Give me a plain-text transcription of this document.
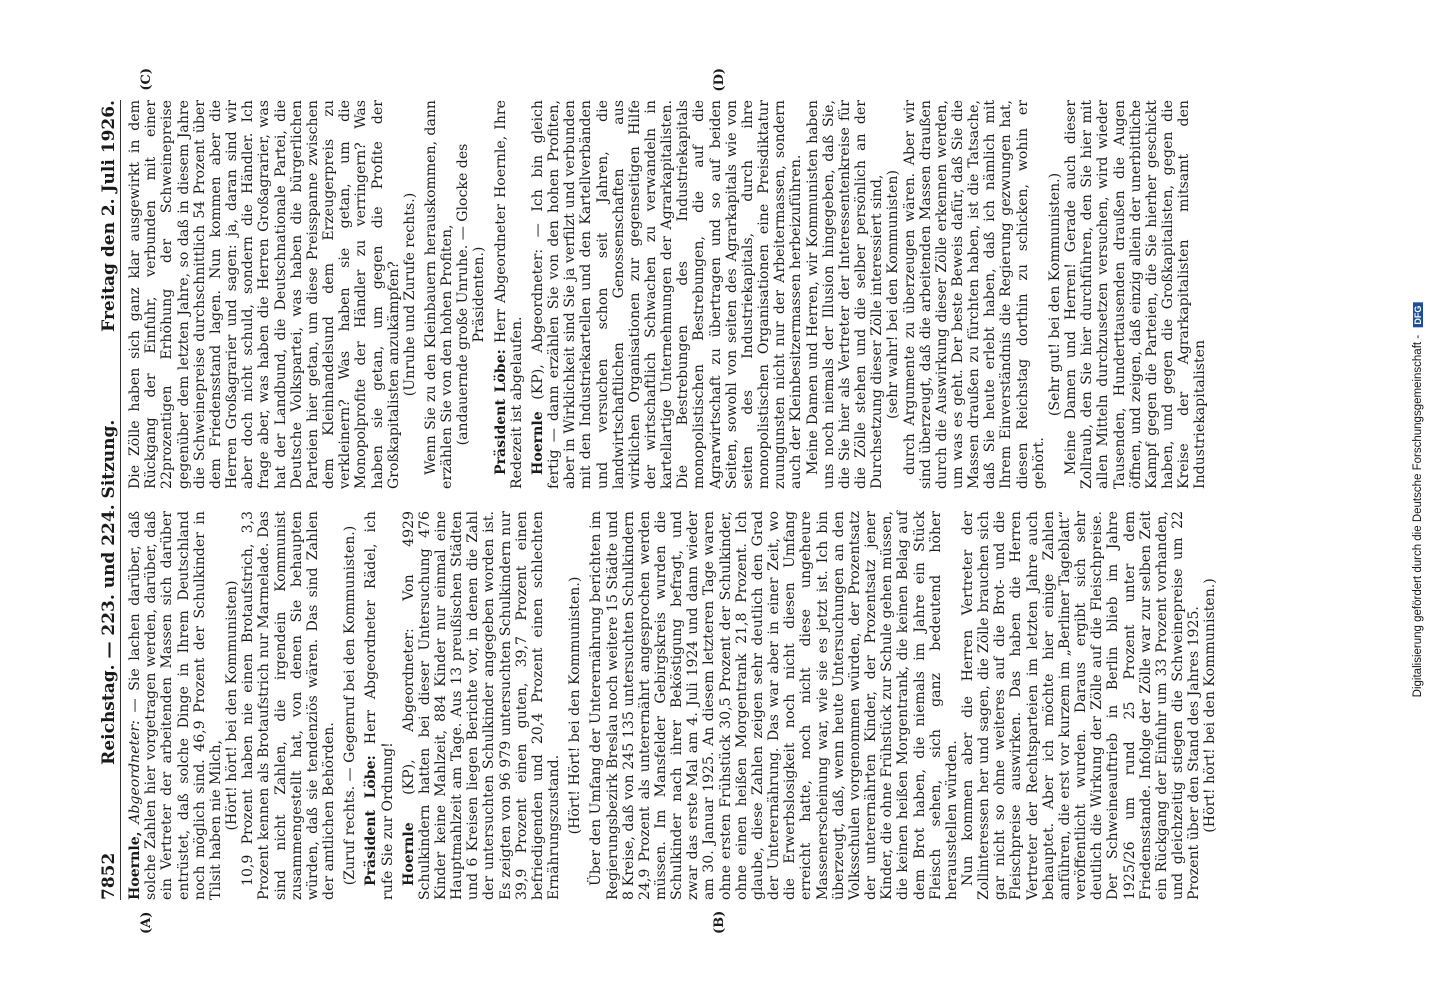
7852
Reichstag. — 223. und 224. Sitzung.
Freitag den 2. Juli 1926.
(A)	(B)

Hoernle, Abgeordneter: — Sie lachen darüber, daß solche Zahlen hier vorgetragen werden, darüber, daß ein Vertreter der arbeitenden Massen sich darüber entrüstet, daß solche Dinge in Ihrem Deutschland noch möglich sind. 46,9 Prozent der Schulkinder in Tilsit haben nie Milch, (Hört! hört! bei den Kommunisten) 10,9 Prozent haben nie einen Brotaufstrich, 3,3 Prozent kennen als Brotaufstrich nur Marmelade. Das sind nicht Zahlen, die irgendein Kommunist zusammengestellt hat, von denen Sie behaupten würden, daß sie tendenziös wären. Das sind Zahlen der amtlichen Behörden. (Zuruf rechts. — Gegenruf bei den Kommunisten.) Präsident Löbe: Herr Abgeordneter Rädel, ich rufe Sie zur Ordnung! Hoernle (KP), Abgeordneter: Von 4929 Schulkindern hatten bei dieser Untersuchung 476 Kinder keine Mahlzeit, 884 Kinder nur einmal eine Hauptmahlzeit am Tage. Aus 13 preußischen Städten und 6 Kreisen liegen Berichte vor, in denen die Zahl der untersuchten Schulkinder angegeben worden ist. Es zeigten von 96 979 untersuchten Schulkindern nur 39,9 Prozent einen guten, 39,7 Prozent einen befriedigenden und 20,4 Prozent einen schlechten Ernährungszustand. (Hört! Hört! bei den Kommunisten.) Über den Umfang der Unterernährung berichten im Regierungsbezirk Breslau noch weitere 15 Städte und 8 Kreise, daß von 245 135 untersuchten Schulkindern 24,9 Prozent als unterernährt angesprochen werden müssen. Im Mansfelder Gebirgskreis wurden die Schulkinder nach ihrer Beköstigung befragt, und zwar das erste Mal am 4. Juli 1924 und dann wieder am 30. Januar 1925. An diesem letzteren Tage waren ohne ersten Frühstück 30,5 Prozent der Schulkinder, ohne einen heißen Morgentrank 21,8 Prozent. Ich glaube, diese Zahlen zeigen sehr deutlich den Grad der Unterernährung. Das war aber in einer Zeit, wo die Erwerbslosigkeit noch nicht diesen Umfang erreicht hatte, noch nicht diese ungeheure Massenerscheinung war, wie sie es jetzt ist. Ich bin überzeugt, daß, wenn heute Untersuchungen an den Volksschulen vorgenommen würden, der Prozentsatz der unterernährten Kinder, der Prozentsatz jener Kinder, die ohne Frühstück zur Schule gehen müssen, die keinen heißen Morgentrank, die keinen Belag auf dem Brot haben, die niemals im Jahre ein Stück Fleisch sehen, sich ganz bedeutend höher herausstellen würden. Nun kommen aber die Herren Vertreter der Zollinteressen her und sagen, die Zölle brauchen sich gar nicht so ohne weiteres auf die Brot- und die Fleischpreise auswirken. Das haben die Herren Vertreter der Rechtsparteien im letzten Jahre auch behauptet. Aber ich möchte hier einige Zahlen anführen, die erst vor kurzem im „Berliner Tageblatt“ veröffentlicht wurden. Daraus ergibt sich sehr deutlich die Wirkung der Zölle auf die Fleischpreise. Der Schweineauftrieb in Berlin blieb im Jahre 1925/26 um rund 25 Prozent unter dem Friedensstande. Infolge der Zölle war zur selben Zeit ein Rückgang der Einfuhr um 33 Prozent vorhanden, und gleichzeitig stiegen die Schweinepreise um 22 Prozent über den Stand des Jahres 1925. (Hört! hört! bei den Kommunisten.)

(C)	(D)

Die Zölle haben sich ganz klar ausgewirkt in dem Rückgang der Einfuhr, verbunden mit einer 22prozentigen Erhöhung der Schweinepreise gegenüber dem letzten Jahre, so daß in diesem Jahre die Schweinepreise durchschnittlich 54 Prozent über dem Friedensstand lagen. Nun kommen aber die Herren Großagrarier und sagen: ja, daran sind wir aber doch nicht schuld, sondern die Händler. Ich frage aber, was haben die Herren Großagrarier, was hat der Landbund, die Deutschnationale Partei, die Deutsche Volkspartei, was haben die bürgerlichen Parteien hier getan, um diese Preisspanne zwischen dem Kleinhandelsund dem Erzeugerpreis zu verkleinern? Was haben sie getan, um die Monopolprofite der Händler zu verringern? Was haben sie getan, um gegen die Profite der Großkapitalisten anzukämpfen? (Unruhe und Zurufe rechts.) Wenn Sie zu den Kleinbauern herauskommen, dann erzählen Sie von den hohen Profiten, (andauernde große Unruhe. — Glocke des Präsidenten.)

Präsident Löbe: Herr Abgeordneter Hoernle, Ihre Redezeit ist abgelaufen. Hoernle (KP), Abgeordneter: — Ich bin gleich fertig — dann erzählen Sie von den hohen Profiten, aber in Wirklichkeit sind Sie ja verfilzt und verbunden mit den Industriekartellen und den Kartellverbänden und versuchen schon seit Jahren, die landwirtschaftlichen Genossenschaften aus wirklichen Organisationen zur gegenseitigen Hilfe der wirtschaftlich Schwachen zu verwandeln in kartellartige Unternehmungen der Agrarkapitalisten. Die Bestrebungen des Industriekapitals monopolistischen Bestrebungen, die auf die Agrarwirtschaft zu übertragen und so auf beiden Seiten, sowohl von seiten des Agrarkapitals wie von seiten des Industriekapitals, durch ihre monopolistischen Organisationen eine Preisdiktatur zuungunsten nicht nur der Arbeitermassen, sondern auch der Kleinbesitzermassen herbeizuführen. Meine Damen und Herren, wir Kommunisten haben uns noch niemals der Illusion hingegeben, daß Sie, die Sie hier als Vertreter der Interessentenkreise für die Zölle stehen und die selber persönlich an der Durchsetzung dieser Zölle interessiert sind, (sehr wahr! bei den Kommunisten) durch Argumente zu überzeugen wären. Aber wir sind überzeugt, daß die arbeitenden Massen draußen durch die Auswirkung dieser Zölle erkennen werden, um was es geht. Der beste Beweis dafür, daß Sie die Massen draußen zu fürchten haben, ist die Tatsache, daß Sie heute erlebt haben, daß ich nämlich mit Ihrem Einverständnis die Regierung gezwungen hat, diesen Reichstag dorthin zu schicken, wohin er gehört.

(Sehr gut! bei den Kommunisten.) Meine Damen und Herren! Gerade auch dieser Zollraub, den Sie hier durchführen, den Sie hier mit allen Mitteln durchzusetzen versuchen, wird wieder Tausenden, Hunderttausenden draußen die Augen öffnen, und zeigen, daß einzig allein der unerbittliche Kampf gegen die Parteien, die Sie hierher geschickt haben, und gegen die Großkapitalisten, gegen die Kreise der Agrarkapitalisten mitsamt den Industriekapitalisten	Digitalisierung gefördert durch die Deutsche Forschungsgemeinschaft - DFG
